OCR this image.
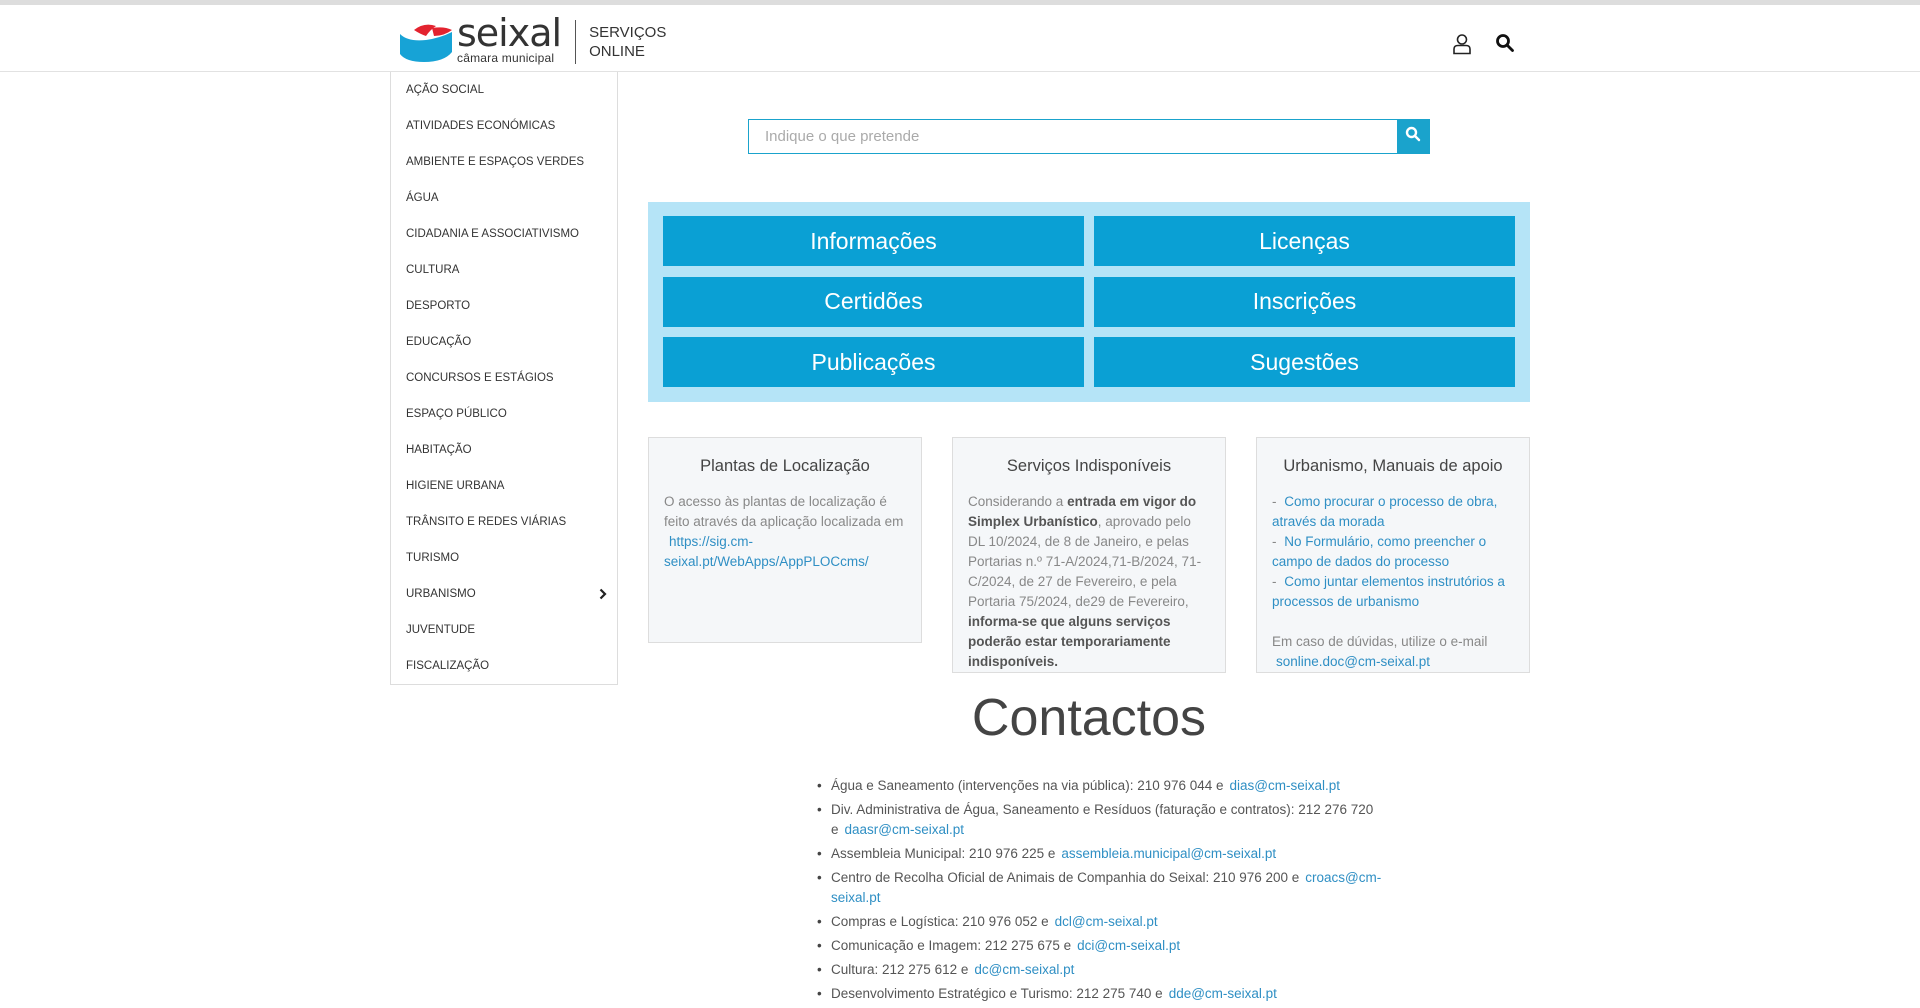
seixal
câmara municipal
SERVIÇOS
ONLINE
AÇÃO SOCIAL
ATIVIDADES ECONÓMICAS
AMBIENTE E ESPAÇOS VERDES
ÁGUA
CIDADANIA E ASSOCIATIVISMO
CULTURA
DESPORTO
EDUCAÇÃO
CONCURSOS E ESTÁGIOS
ESPAÇO PÚBLICO
HABITAÇÃO
HIGIENE URBANA
TRÂNSITO E REDES VIÁRIAS
TURISMO
URBANISMO
JUVENTUDE
FISCALIZAÇÃO
Indique o que pretende
Informações	Licenças
Certidões	Inscrições
Publicações	Sugestões
Plantas de Localização

O acesso às plantas de localização é feito através da aplicação localizada em https://sig.cm-seixal.pt/WebApps/AppPLOCcms/

Serviços Indisponíveis

Considerando a entrada em vigor do Simplex Urbanístico, aprovado pelo DL 10/2024, de 8 de Janeiro, e pelas Portarias n.º 71-A/2024,71-B/2024, 71-C/2024, de 27 de Fevereiro, e pela Portaria 75/2024, de29 de Fevereiro, informa-se que alguns serviços poderão estar temporariamente indisponíveis.

Urbanismo, Manuais de apoio
- Como procurar o processo de obra, através da morada
- No Formulário, como preencher o campo de dados do processo
- Como juntar elementos instrutórios a processos de urbanismo
Em caso de dúvidas, utilize o e-mail sonline.doc@cm-seixal.pt
Contactos
• Água e Saneamento (intervenções na via pública): 210 976 044 e dias@cm-seixal.pt
• Div. Administrativa de Água, Saneamento e Resíduos (faturação e contratos): 212 276 720 e daasr@cm-seixal.pt
• Assembleia Municipal: 210 976 225 e assembleia.municipal@cm-seixal.pt
• Centro de Recolha Oficial de Animais de Companhia do Seixal: 210 976 200 e croacs@cm-seixal.pt
• Compras e Logística: 210 976 052 e dcl@cm-seixal.pt
• Comunicação e Imagem: 212 275 675 e dci@cm-seixal.pt
• Cultura: 212 275 612 e dc@cm-seixal.pt
• Desenvolvimento Estratégico e Turismo: 212 275 740 e dde@cm-seixal.pt
